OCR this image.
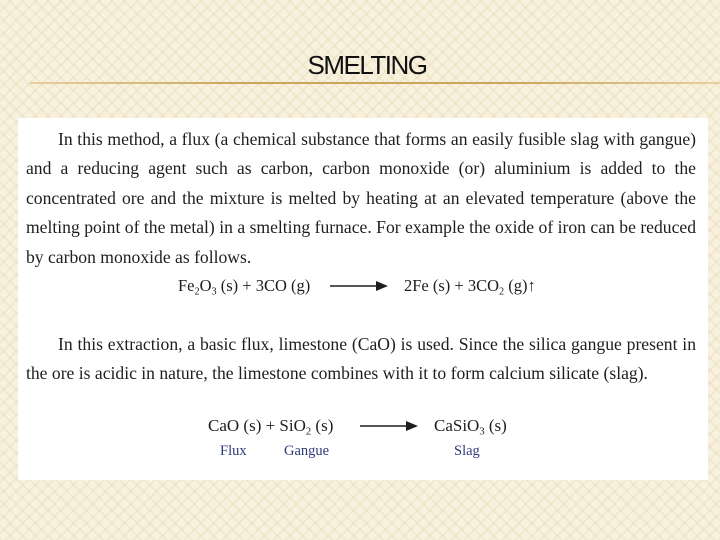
SMELTING

In this method, a flux (a chemical substance that forms an easily fusible slag with gangue) and a reducing agent such as carbon, carbon monoxide (or) aluminium is added to the concentrated ore and the mixture is melted by heating at an elevated temperature (above the melting point of the metal) in a smelting furnace. For example the oxide of iron can be reduced by carbon monoxide as follows.

$Fe_2O_3$ (s) + 3CO (g) → 2Fe $(s) + 3CO_2$ (g)↑

In this extraction, a basic flux, limestone (CaO) is used. Since the silica gangue present in the ore is acidic in nature, the limestone combines with it to form calcium silicate (slag).

CaO (s) + SiO$_2$ (s) → CaSiO$_3$ (s)
Flux	Gangue	Slag
